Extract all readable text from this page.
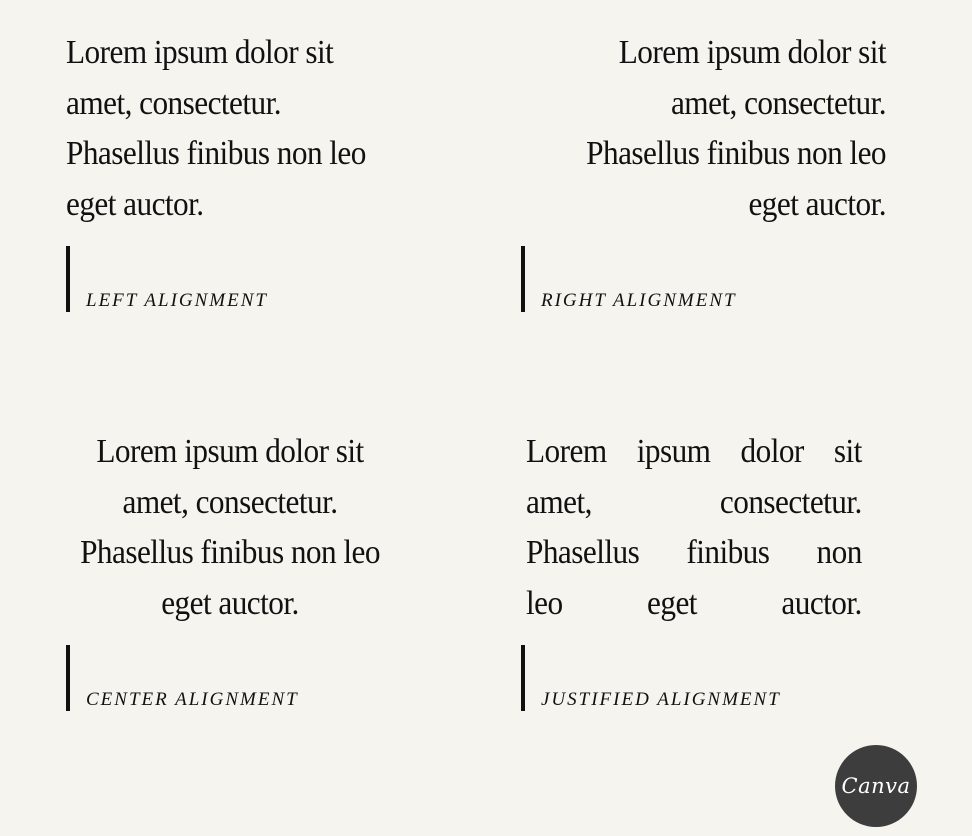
Lorem ipsum dolor sit amet, consectetur. Phasellus finibus non leo eget auctor.

LEFT ALIGNMENT

Lorem ipsum dolor sit amet, consectetur. Phasellus finibus non leo eget auctor.

RIGHT ALIGNMENT

Lorem ipsum dolor sit amet, consectetur. Phasellus finibus non leo eget auctor.

CENTER ALIGNMENT
Lorem ipsum dolor sit
amet, consectetur.
Phasellus finibus non
leo eget auctor.
JUSTIFIED ALIGNMENT
Canva
